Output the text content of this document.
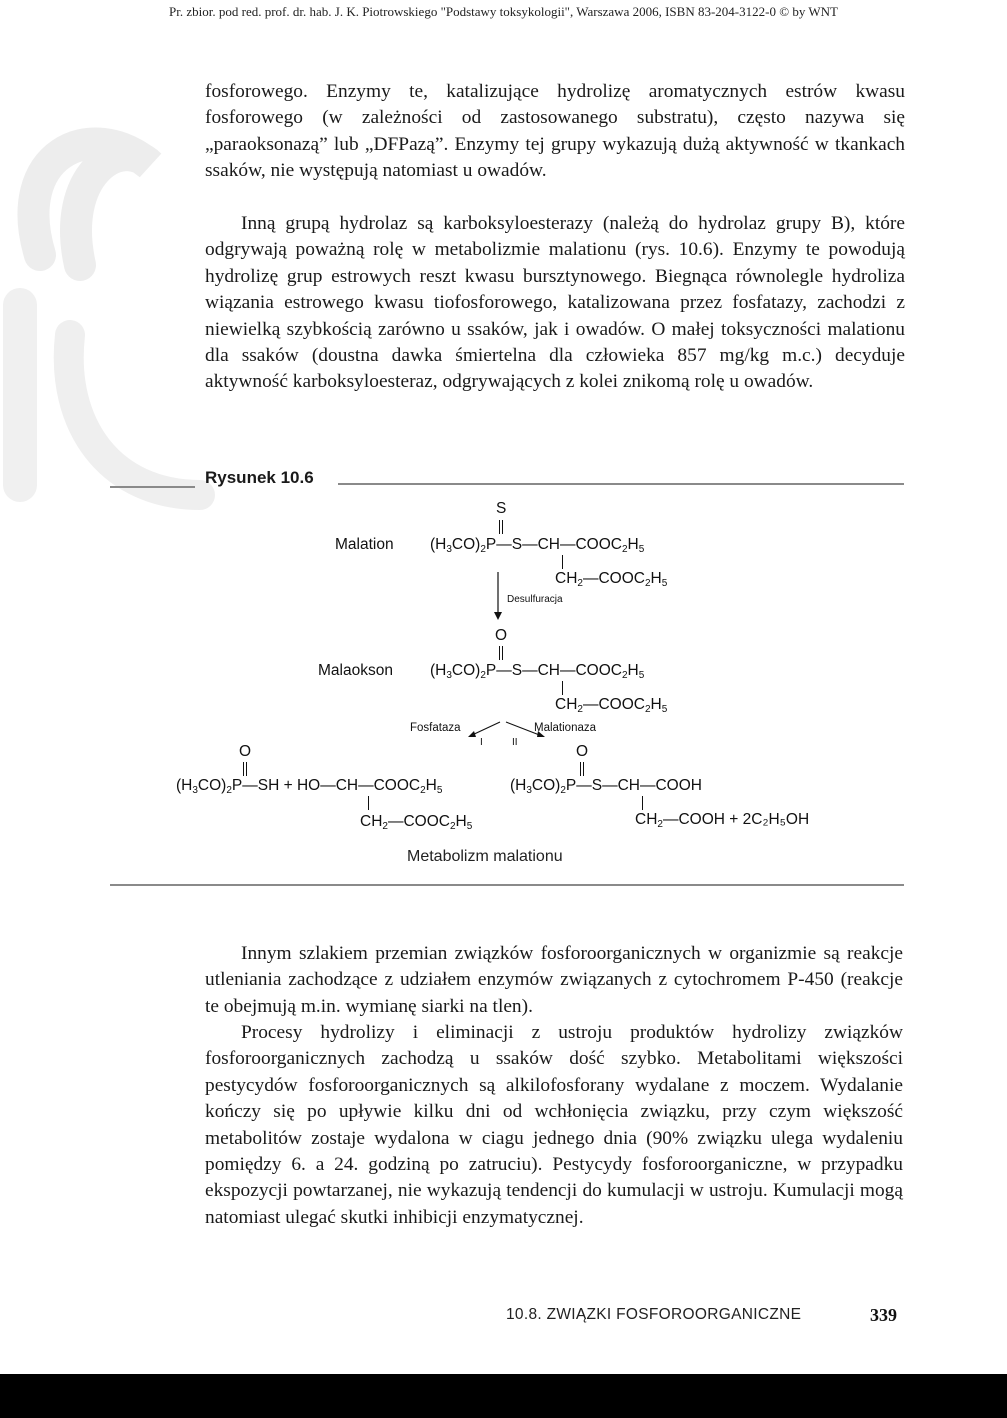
Pr. zbior. pod red. prof. dr. hab. J. K. Piotrowskiego "Podstawy toksykologii", Warszawa 2006, ISBN 83-204-3122-0 © by WNT

fosforowego. Enzymy te, katalizujące hydrolizę aromatycznych estrów kwasu fosforowego (w zależności od zastosowanego substratu), często nazywa się „paraoksonazą” lub „DFPazą”. Enzymy tej grupy wykazują dużą aktywność w tkankach ssaków, nie występują natomiast u owadów.

Inną grupą hydrolaz są karboksyloesterazy (należą do hydrolaz grupy B), które odgrywają poważną rolę w metabolizmie malationu (rys. 10.6). Enzymy te powodują hydrolizę grup estrowych reszt kwasu bursztynowego. Biegnąca równolegle hydroliza wiązania estrowego kwasu tiofosforowego, katalizowana przez fosfatazy, zachodzi z niewielką szybkością zarówno u ssaków, jak i owadów. O małej toksyczności malationu dla ssaków (doustna dawka śmiertelna dla człowieka 857 mg/kg m.c.) decyduje aktywność karboksyloesteraz, odgrywających z kolei znikomą rolę u owadów.

Rysunek 10.6
Malation
S
$(H_3CO)_2P—S—CH—COOC_2H_5$
$CH_2—COOC_2H_5$
Desulfuracja
Malaokson
O
$(H_3CO)_2P—S—CH—COOC_2H_5$
$CH_2—COOC_2H_5$
Fosfataza	Malationaza
I	II
O
$(H_3CO)_2P—SH$ + $HO—CH—COOC_2H_5$
$CH_2—COOC_2H_5$
O
$(H_3CO)_2P—S—CH—COOH$
$CH_2—COOH + 2C_2H_5OH$
Metabolizm malationu

Innym szlakiem przemian związków fosforoorganicznych w organizmie są reakcje utleniania zachodzące z udziałem enzymów związanych z cytochromem P-450 (reakcje te obejmują m.in. wymianę siarki na tlen).

Procesy hydrolizy i eliminacji z ustroju produktów hydrolizy związków fosforoorganicznych zachodzą u ssaków dość szybko. Metabolitami większości pestycydów fosforoorganicznych są alkilofosforany wydalane z moczem. Wydalanie kończy się po upływie kilku dni od wchłonięcia związku, przy czym większość metabolitów zostaje wydalona w ciagu jednego dnia (90% związku ulega wydaleniu pomiędzy 6. a 24. godziną po zatruciu). Pestycydy fosforoorganiczne, w przypadku ekspozycji powtarzanej, nie wykazują tendencji do kumulacji w ustroju. Kumulacji mogą natomiast ulegać skutki inhibicji enzymatycznej.

10.8. ZWIĄZKI FOSFOROORGANICZNE	339
